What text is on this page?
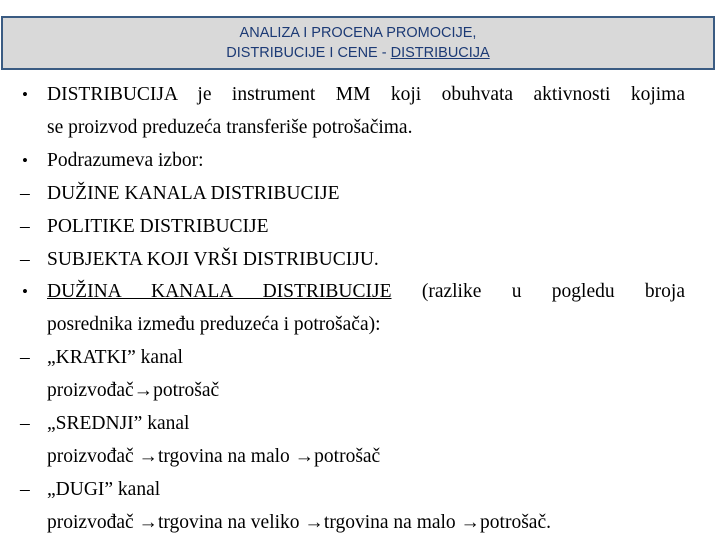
ANALIZA I PROCENA PROMOCIJE,
DISTRIBUCIJE I CENE - DISTRIBUCIJA
• DISTRIBUCIJA je instrument MM koji obuhvata aktivnosti kojima
se proizvod preduzeća transferiše potrošačima.
• Podrazumeva izbor:
– DUŽINE KANALA DISTRIBUCIJE
– POLITIKE DISTRIBUCIJE
– SUBJEKTA KOJI VRŠI DISTRIBUCIJU.
• DUŽINA KANALA DISTRIBUCIJE (razlike u pogledu broja
posrednika između preduzeća i potrošača):
– „KRATKI” kanal
proizvođač→potrošač
– „SREDNJI” kanal
proizvođač →trgovina na malo →potrošač
– „DUGI” kanal
proizvođač →trgovina na veliko →trgovina na malo →potrošač.
